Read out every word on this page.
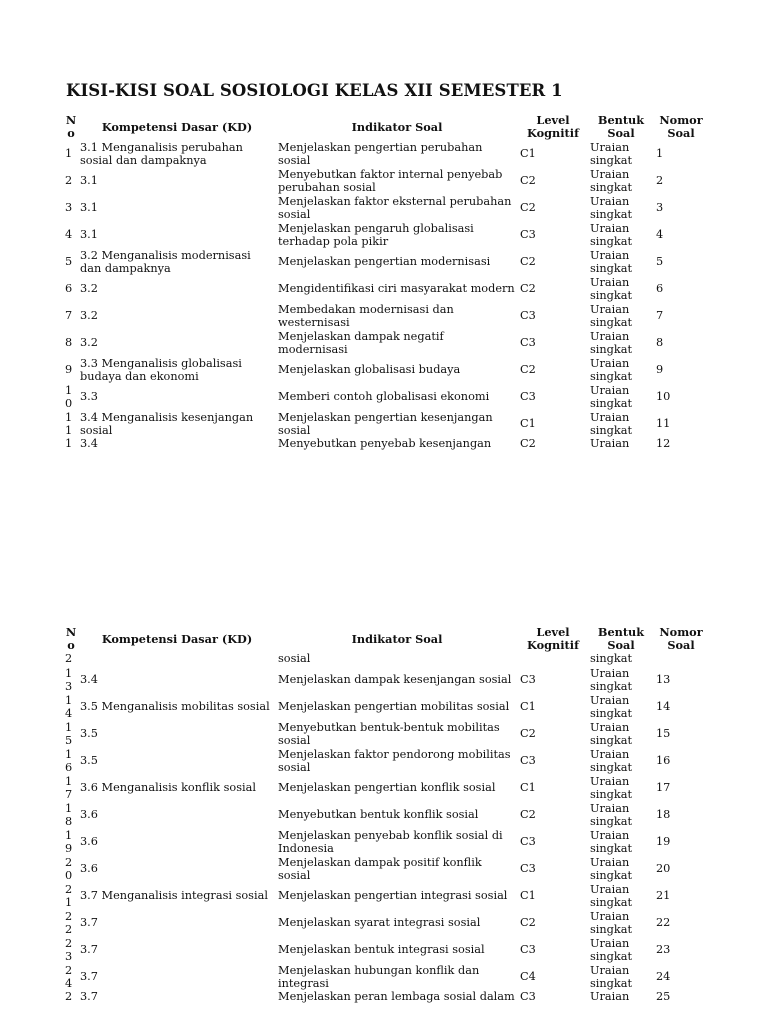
KISI-KISI SOAL SOSIOLOGI KELAS XII SEMESTER 1
No	Kompetensi Dasar (KD)	Indikator Soal	Level Kognitif	Bentuk Soal	Nomor Soal
1	3.1 Menganalisis perubahan sosial dan dampaknya	Menjelaskan pengertian perubahan sosial	C1	Uraian singkat	1
2	3.1	Menyebutkan faktor internal penyebab perubahan sosial	C2	Uraian singkat	2
3	3.1	Menjelaskan faktor eksternal perubahan sosial	C2	Uraian singkat	3
4	3.1	Menjelaskan pengaruh globalisasi terhadap pola pikir	C3	Uraian singkat	4
5	3.2 Menganalisis modernisasi dan dampaknya	Menjelaskan pengertian modernisasi	C2	Uraian singkat	5
6	3.2	Mengidentifikasi ciri masyarakat modern	C2	Uraian singkat	6
7	3.2	Membedakan modernisasi dan westernisasi	C3	Uraian singkat	7
8	3.2	Menjelaskan dampak negatif modernisasi	C3	Uraian singkat	8
9	3.3 Menganalisis globalisasi budaya dan ekonomi	Menjelaskan globalisasi budaya	C2	Uraian singkat	9
10	3.3	Memberi contoh globalisasi ekonomi	C3	Uraian singkat	10
11	3.4 Menganalisis kesenjangan sosial	Menjelaskan pengertian kesenjangan sosial	C1	Uraian singkat	11
1	3.4	Menyebutkan penyebab kesenjangan	C2	Uraian	12
No	Kompetensi Dasar (KD)	Indikator Soal	Level Kognitif	Bentuk Soal	Nomor Soal
2		sosial		singkat	
13	3.4	Menjelaskan dampak kesenjangan sosial	C3	Uraian singkat	13
14	3.5 Menganalisis mobilitas sosial	Menjelaskan pengertian mobilitas sosial	C1	Uraian singkat	14
15	3.5	Menyebutkan bentuk-bentuk mobilitas sosial	C2	Uraian singkat	15
16	3.5	Menjelaskan faktor pendorong mobilitas sosial	C3	Uraian singkat	16
17	3.6 Menganalisis konflik sosial	Menjelaskan pengertian konflik sosial	C1	Uraian singkat	17
18	3.6	Menyebutkan bentuk konflik sosial	C2	Uraian singkat	18
19	3.6	Menjelaskan penyebab konflik sosial di Indonesia	C3	Uraian singkat	19
20	3.6	Menjelaskan dampak positif konflik sosial	C3	Uraian singkat	20
21	3.7 Menganalisis integrasi sosial	Menjelaskan pengertian integrasi sosial	C1	Uraian singkat	21
22	3.7	Menjelaskan syarat integrasi sosial	C2	Uraian singkat	22
23	3.7	Menjelaskan bentuk integrasi sosial	C3	Uraian singkat	23
24	3.7	Menjelaskan hubungan konflik dan integrasi	C4	Uraian singkat	24
2	3.7	Menjelaskan peran lembaga sosial dalam	C3	Uraian	25
